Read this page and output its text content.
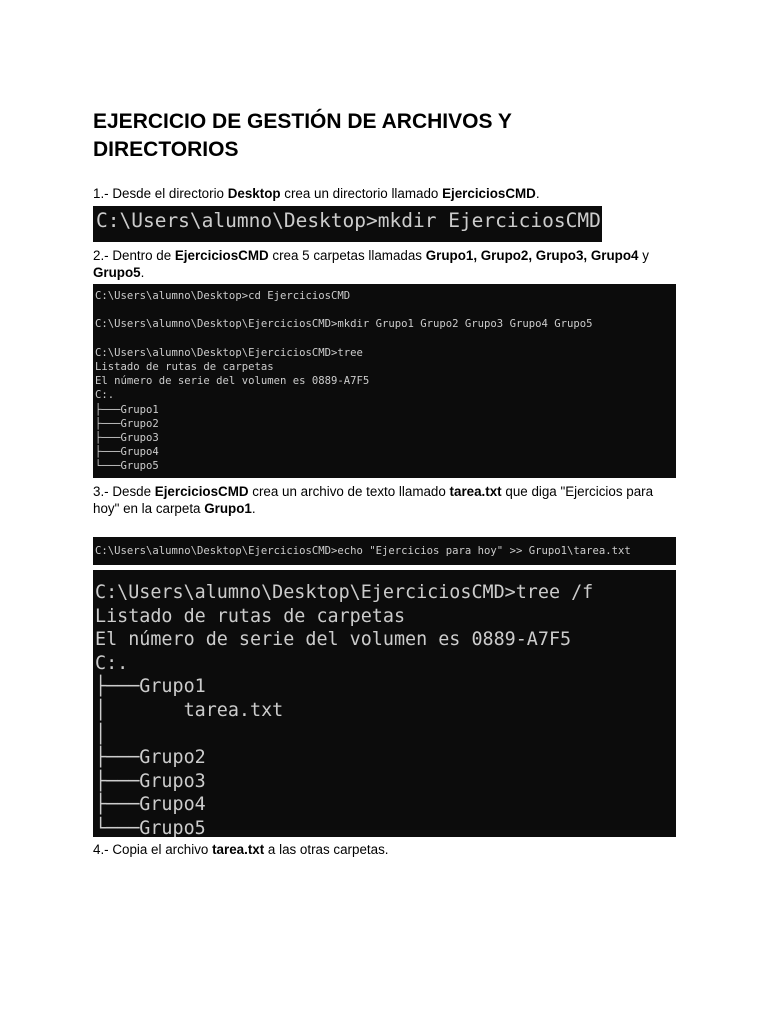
EJERCICIO DE GESTIÓN DE ARCHIVOS Y DIRECTORIOS
1.- Desde el directorio Desktop crea un directorio llamado EjerciciosCMD.
C:\Users\alumno\Desktop>mkdir EjerciciosCMD
2.- Dentro de EjerciciosCMD crea 5 carpetas llamadas Grupo1, Grupo2, Grupo3, Grupo4 y Grupo5.
C:\Users\alumno\Desktop>cd EjerciciosCMD
C:\Users\alumno\Desktop\EjerciciosCMD>mkdir Grupo1 Grupo2 Grupo3 Grupo4 Grupo5
C:\Users\alumno\Desktop\EjerciciosCMD>tree
Listado de rutas de carpetas
El número de serie del volumen es 0889-A7F5
C:.
├───Grupo1
├───Grupo2
├───Grupo3
├───Grupo4
└───Grupo5
3.- Desde EjerciciosCMD crea un archivo de texto llamado tarea.txt que diga "Ejercicios para hoy" en la carpeta Grupo1.
C:\Users\alumno\Desktop\EjerciciosCMD>echo "Ejercicios para hoy" >> Grupo1\tarea.txt
C:\Users\alumno\Desktop\EjerciciosCMD>tree /f
Listado de rutas de carpetas
El número de serie del volumen es 0889-A7F5
C:.
├───Grupo1
│       tarea.txt
│
├───Grupo2
├───Grupo3
├───Grupo4
└───Grupo5
4.- Copia el archivo tarea.txt a las otras carpetas.
